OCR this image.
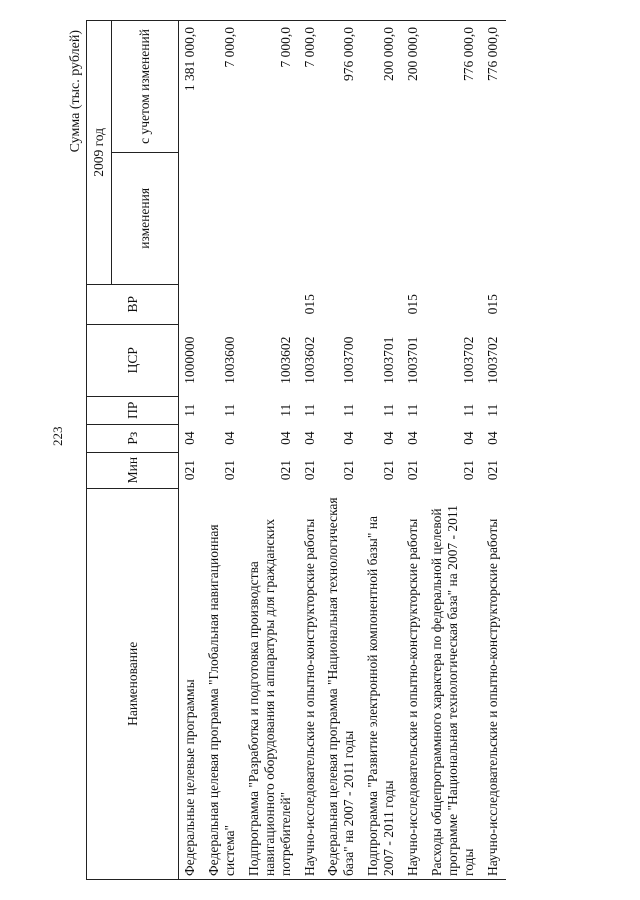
223
Сумма (тыс. рублей)
Наименование	Мин	Рз	ПР	ЦСР	ВР	2009 год	
						изменения	с учетом изменений
Федеральные целевые программы	021	04	11	1000000			1 381 000,0
Федеральная целевая программа "Глобальная навигационная система"	021	04	11	1003600			7 000,0
Подпрограмма "Разработка и подготовка производства навигационного оборудования и аппаратуры для гражданских потребителей"	021	04	11	1003602			7 000,0
Научно-исследовательские и опытно-конструкторские работы	021	04	11	1003602	015		7 000,0
Федеральная целевая программа "Национальная технологическая база" на 2007 - 2011 годы	021	04	11	1003700			976 000,0
Подпрограмма "Развитие электронной компонентной базы" на 2007 - 2011 годы	021	04	11	1003701			200 000,0
Научно-исследовательские и опытно-конструкторские работы	021	04	11	1003701	015		200 000,0
Расходы общепрограммного характера по федеральной целевой программе "Национальная технологическая база" на 2007 - 2011 годы	021	04	11	1003702			776 000,0
Научно-исследовательские и опытно-конструкторские работы	021	04	11	1003702	015		776 000,0
